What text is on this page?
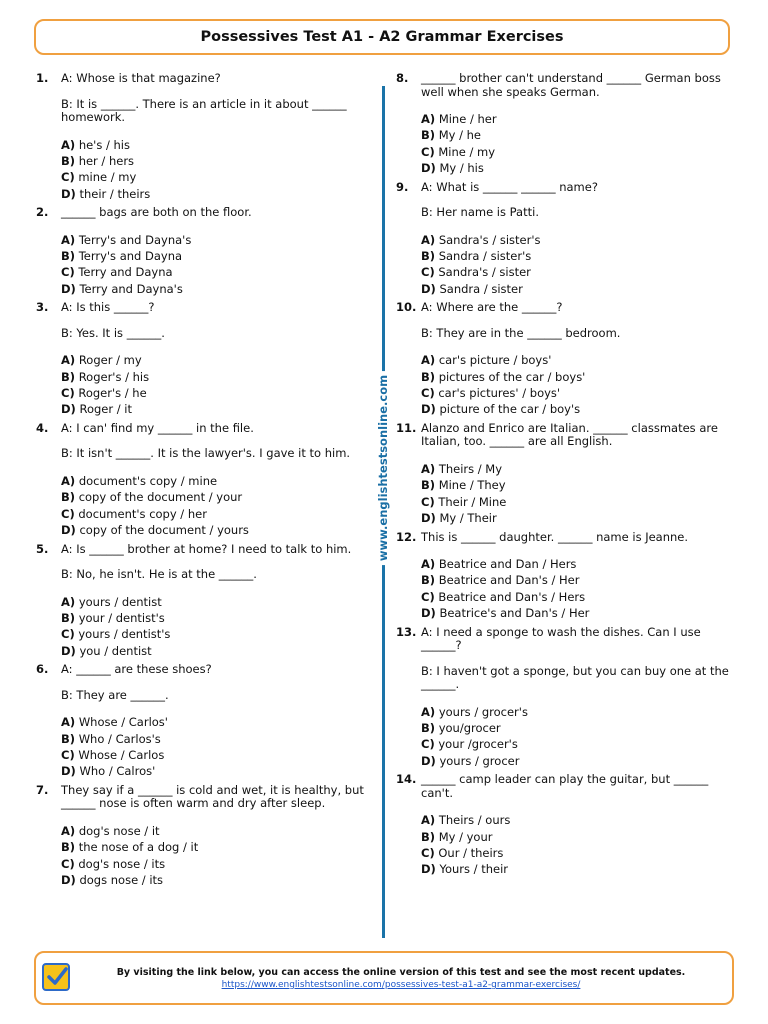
Possessives Test A1 - A2 Grammar Exercises
1. A: Whose is that magazine?

B: It is ______. There is an article in it about ______ homework.

A) he's / his
B) her / hers
C) mine / my
D) their / theirs
2. ______ bags are both on the floor.

A) Terry's and Dayna's
B) Terry's and Dayna
C) Terry and Dayna
D) Terry and Dayna's
3. A: Is this ______?

B: Yes. It is ______.

A) Roger / my
B) Roger's / his
C) Roger's / he
D) Roger / it
4. A: I can' find my ______ in the file.

B: It isn't ______. It is the lawyer's. I gave it to him.

A) document's copy / mine
B) copy of the document / your
C) document's copy / her
D) copy of the document / yours
5. A: Is ______ brother at home? I need to talk to him.

B: No, he isn't. He is at the ______.

A) yours / dentist
B) your / dentist's
C) yours / dentist's
D) you / dentist
6. A: ______ are these shoes?

B: They are ______.

A) Whose / Carlos'
B) Who / Carlos's
C) Whose / Carlos
D) Who / Calros'
7. They say if a ______ is cold and wet, it is healthy, but ______ nose is often warm and dry after sleep.

A) dog's nose / it
B) the nose of a dog / it
C) dog's nose / its
D) dogs nose / its
www.englishtestsonline.com
8. ______ brother can't understand ______ German boss well when she speaks German.

A) Mine / her
B) My / he
C) Mine / my
D) My / his
9. A: What is ______ ______ name?

B: Her name is Patti.

A) Sandra's / sister's
B) Sandra / sister's
C) Sandra's / sister
D) Sandra / sister
10. A: Where are the ______?

B: They are in the ______ bedroom.

A) car's picture / boys'
B) pictures of the car / boys'
C) car's pictures' / boys'
D) picture of the car / boy's
11. Alanzo and Enrico are Italian. ______ classmates are Italian, too. ______ are all English.

A) Theirs / My
B) Mine / They
C) Their / Mine
D) My / Their
12. This is ______ daughter. ______ name is Jeanne.

A) Beatrice and Dan / Hers
B) Beatrice and Dan's / Her
C) Beatrice and Dan's / Hers
D) Beatrice's and Dan's / Her
13. A: I need a sponge to wash the dishes. Can I use ______?

B: I haven't got a sponge, but you can buy one at the ______.

A) yours / grocer's
B) you/grocer
C) your /grocer's
D) yours / grocer
14. ______ camp leader can play the guitar, but ______ can't.

A) Theirs / ours
B) My / your
C) Our / theirs
D) Yours / their
By visiting the link below, you can access the online version of this test and see the most recent updates.
https://www.englishtestsonline.com/possessives-test-a1-a2-grammar-exercises/
